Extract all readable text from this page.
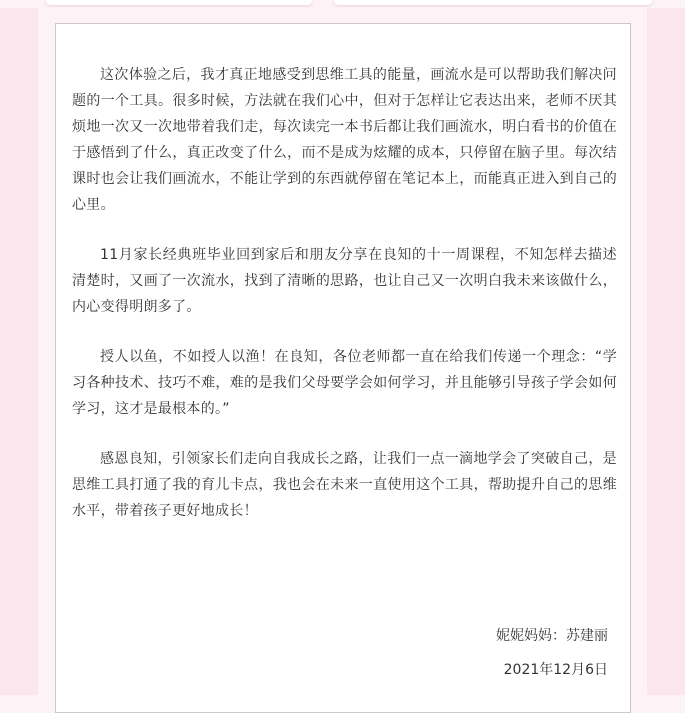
这次体验之后，我才真正地感受到思维工具的能量，画流水是可以帮助我们解决问题的一个工具。很多时候，方法就在我们心中，但对于怎样让它表达出来，老师不厌其烦地一次又一次地带着我们走，每次读完一本书后都让我们画流水，明白看书的价值在于感悟到了什么，真正改变了什么，而不是成为炫耀的成本，只停留在脑子里。每次结课时也会让我们画流水，不能让学到的东西就停留在笔记本上，而能真正进入到自己的心里。

11月家长经典班毕业回到家后和朋友分享在良知的十一周课程，不知怎样去描述清楚时，又画了一次流水，找到了清晰的思路，也让自己又一次明白我未来该做什么，内心变得明朗多了。

授人以鱼，不如授人以渔！在良知，各位老师都一直在给我们传递一个理念：“学习各种技术、技巧不难，难的是我们父母要学会如何学习，并且能够引导孩子学会如何学习，这才是最根本的。”

感恩良知，引领家长们走向自我成长之路，让我们一点一滴地学会了突破自己，是思维工具打通了我的育儿卡点，我也会在未来一直使用这个工具，帮助提升自己的思维水平，带着孩子更好地成长！

妮妮妈妈：苏建丽

2021年12月6日
